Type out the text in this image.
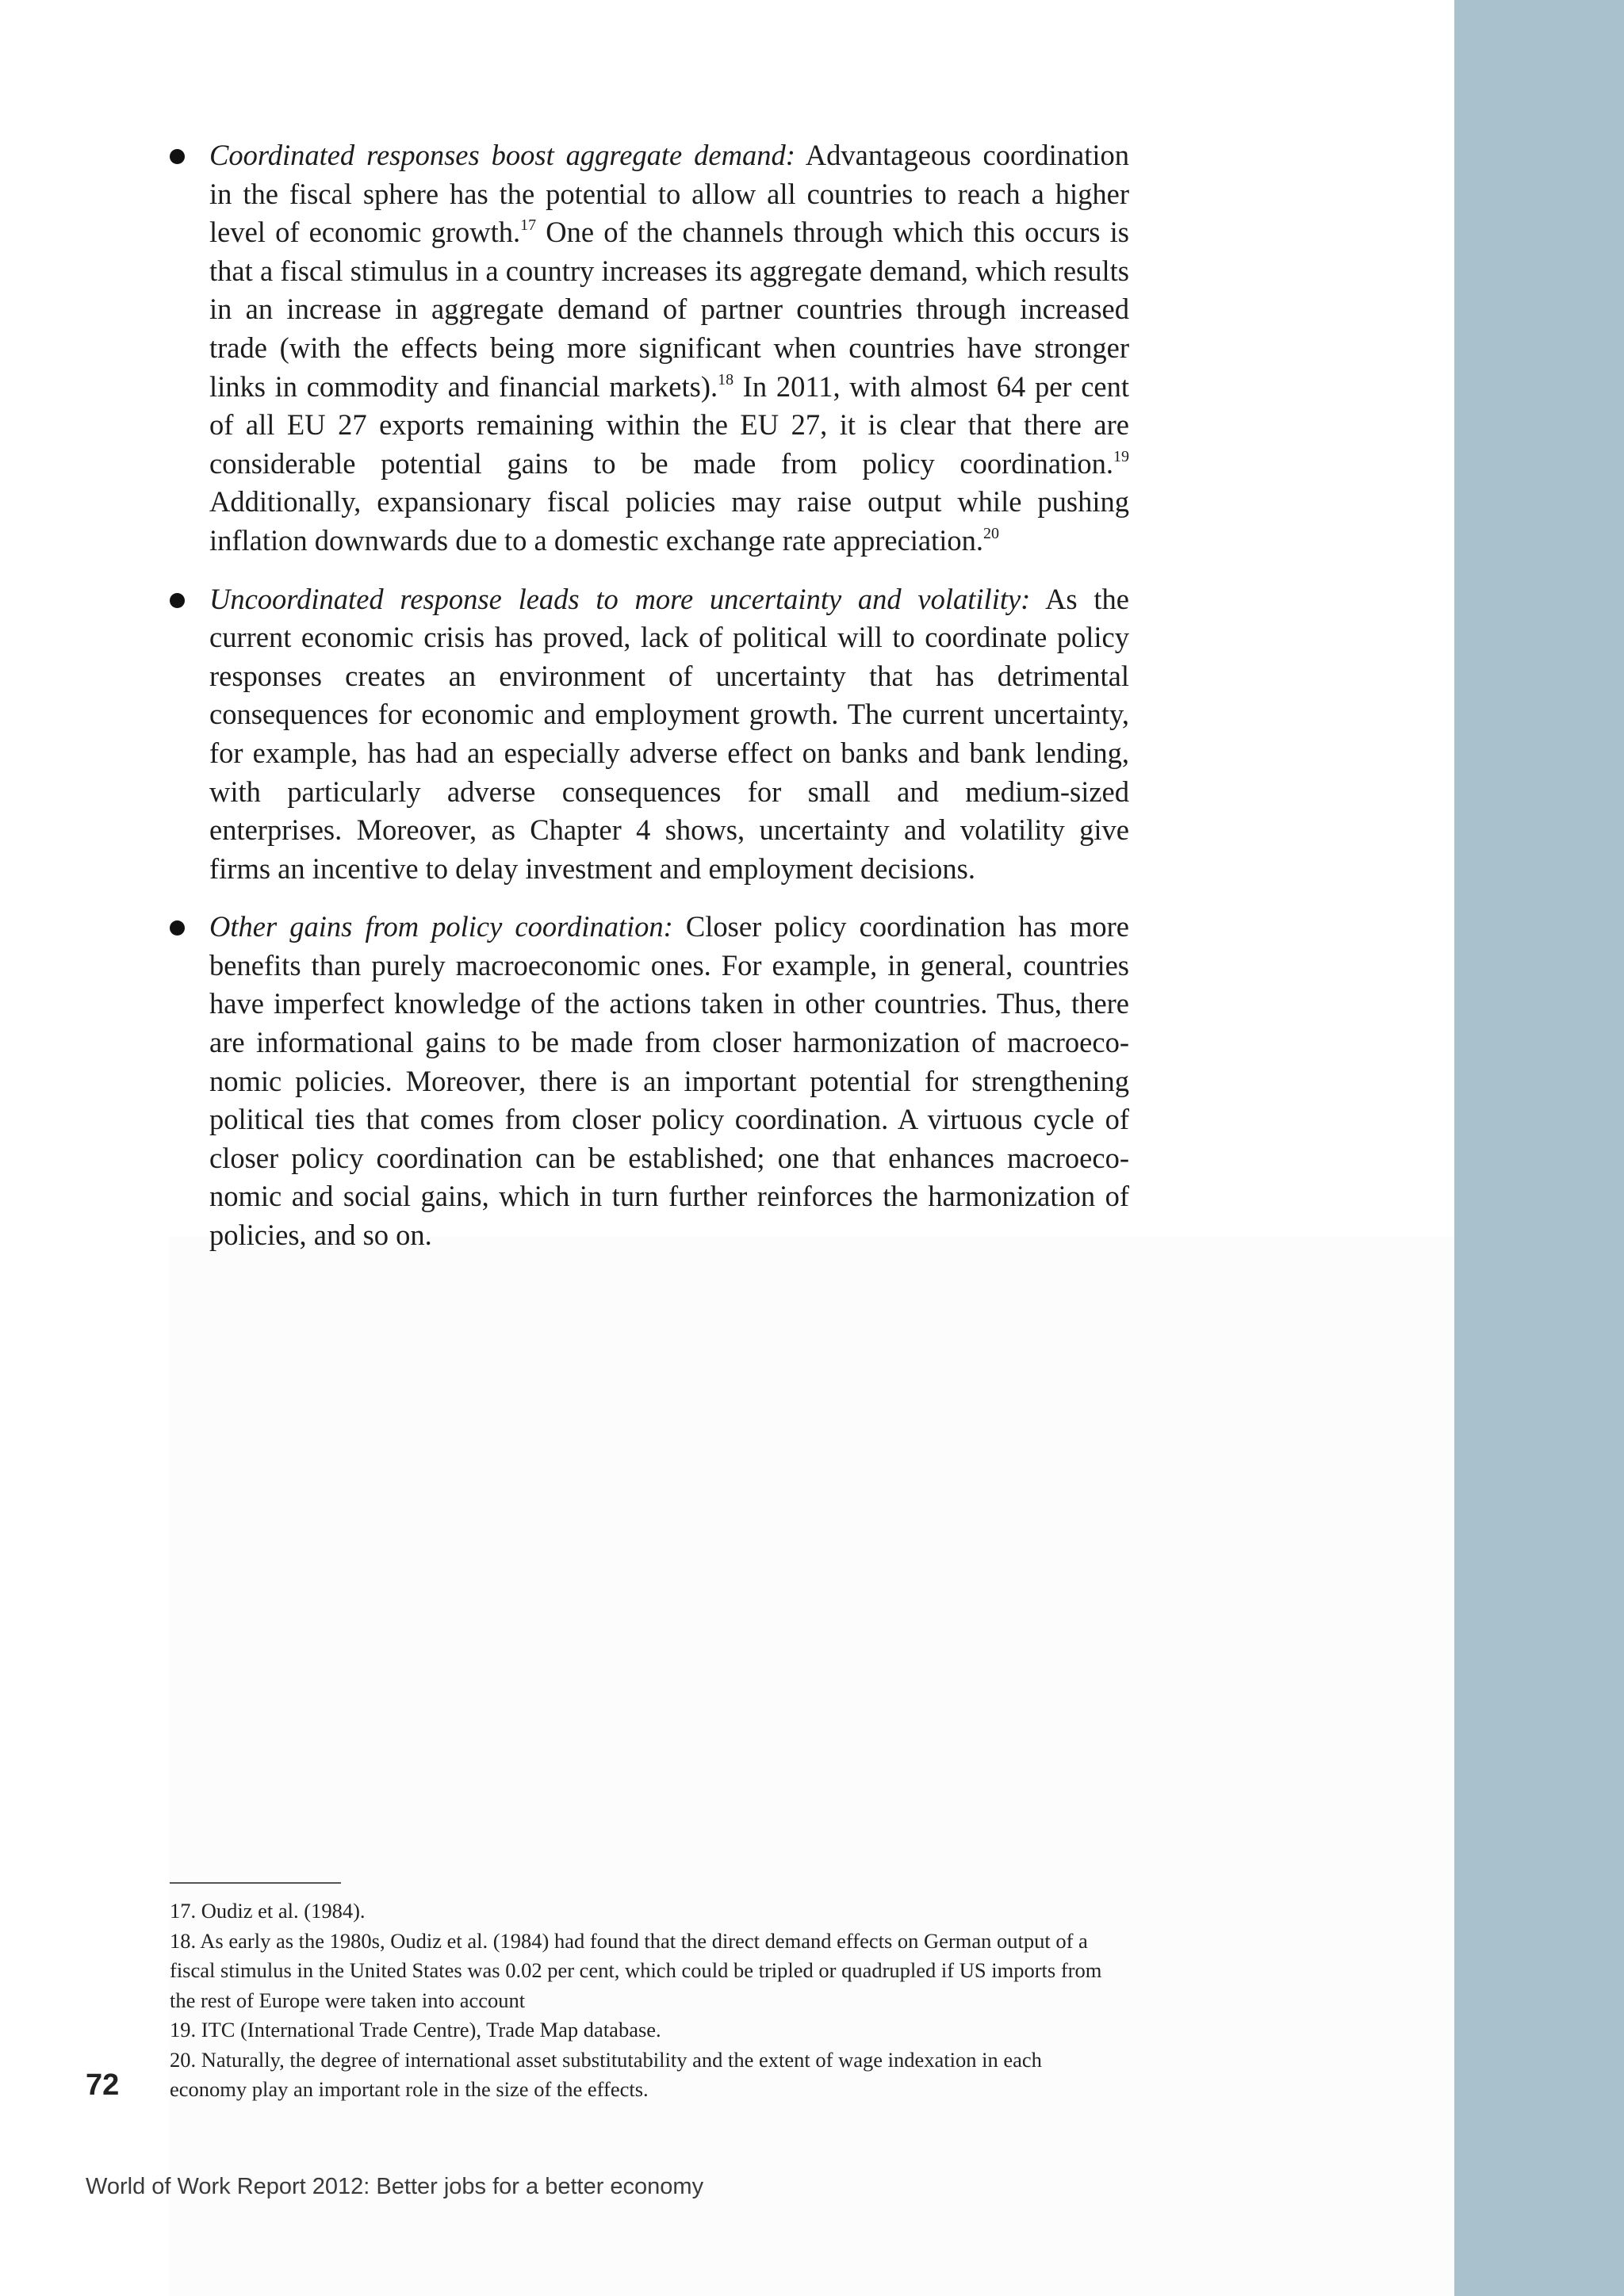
Coordinated responses boost aggregate demand: Advantageous coordination in the fiscal sphere has the potential to allow all countries to reach a higher level of economic growth.$^{17}$ One of the channels through which this occurs is that a fiscal stimulus in a country increases its aggregate demand, which results in an increase in aggregate demand of partner countries through increased trade (with the effects being more significant when countries have stronger links in commodity and financial markets).$^{18}$ In 2011, with almost 64 per cent of all EU 27 exports remaining within the EU 27, it is clear that there are considerable potential gains to be made from policy coordination.$^{19}$ Additionally, expansionary fiscal policies may raise output while pushing inflation downwards due to a domestic exchange rate appreciation.$^{20}$
Uncoordinated response leads to more uncertainty and volatility: As the current economic crisis has proved, lack of political will to coordinate policy responses creates an environment of uncertainty that has detrimental consequences for economic and employment growth. The current uncertainty, for example, has had an especially adverse effect on banks and bank lending, with particularly adverse consequences for small and medium-sized enterprises. Moreover, as Chapter 4 shows, uncertainty and volatility give firms an incentive to delay investment and employment decisions.
Other gains from policy coordination: Closer policy coordination has more benefits than purely macroeconomic ones. For example, in general, countries have imperfect knowledge of the actions taken in other countries. Thus, there are informational gains to be made from closer harmonization of macroeconomic policies. Moreover, there is an important potential for strengthening political ties that comes from closer policy coordination. A virtuous cycle of closer policy coordination can be established; one that enhances macroeconomic and social gains, which in turn further reinforces the harmonization of policies, and so on.

17. Oudiz et al. (1984).

18. As early as the 1980s, Oudiz et al. (1984) had found that the direct demand effects on German output of a fiscal stimulus in the United States was 0.02 per cent, which could be tripled or quadrupled if US imports from the rest of Europe were taken into account

19. ITC (International Trade Centre), Trade Map database.

20. Naturally, the degree of international asset substitutability and the extent of wage indexation in each economy play an important role in the size of the effects.

72
World of Work Report 2012: Better jobs for a better economy
